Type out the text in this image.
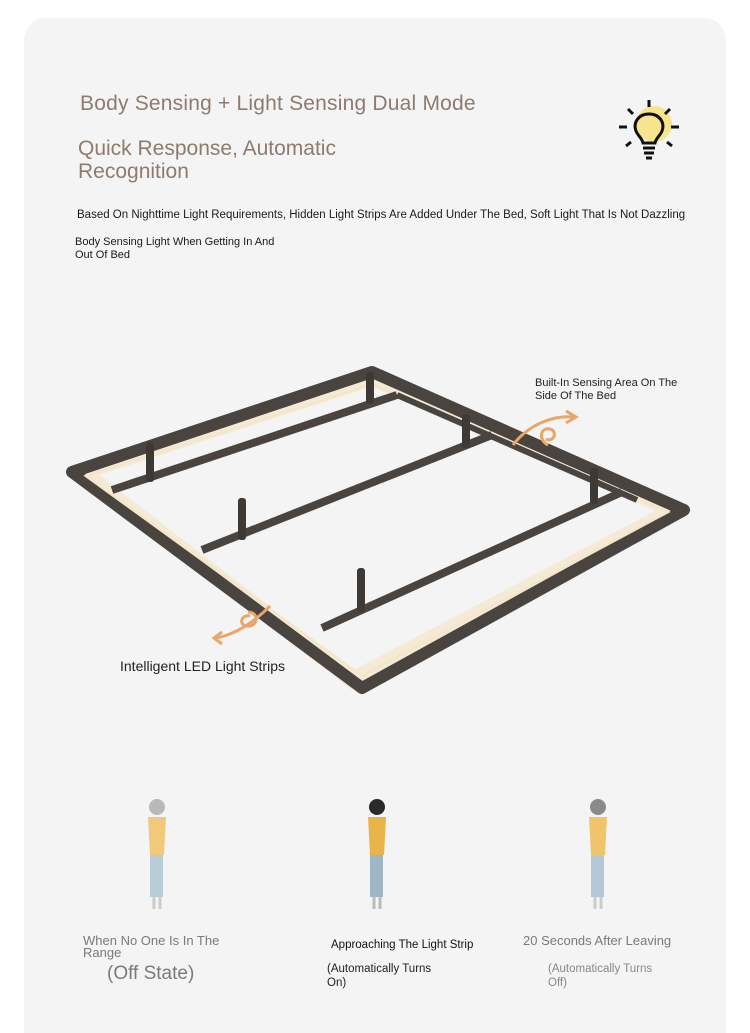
Body Sensing + Light Sensing Dual Mode
Quick Response, Automatic Recognition
Based On Nighttime Light Requirements, Hidden Light Strips Are Added Under The Bed, Soft Light That Is Not Dazzling
Body Sensing Light When Getting In And Out Of Bed
Built-In Sensing Area On The Side Of The Bed
Intelligent LED Light Strips
When No One Is In The Range
(Off State)
Approaching The Light Strip
(Automatically Turns On)
20 Seconds After Leaving
(Automatically Turns Off)
